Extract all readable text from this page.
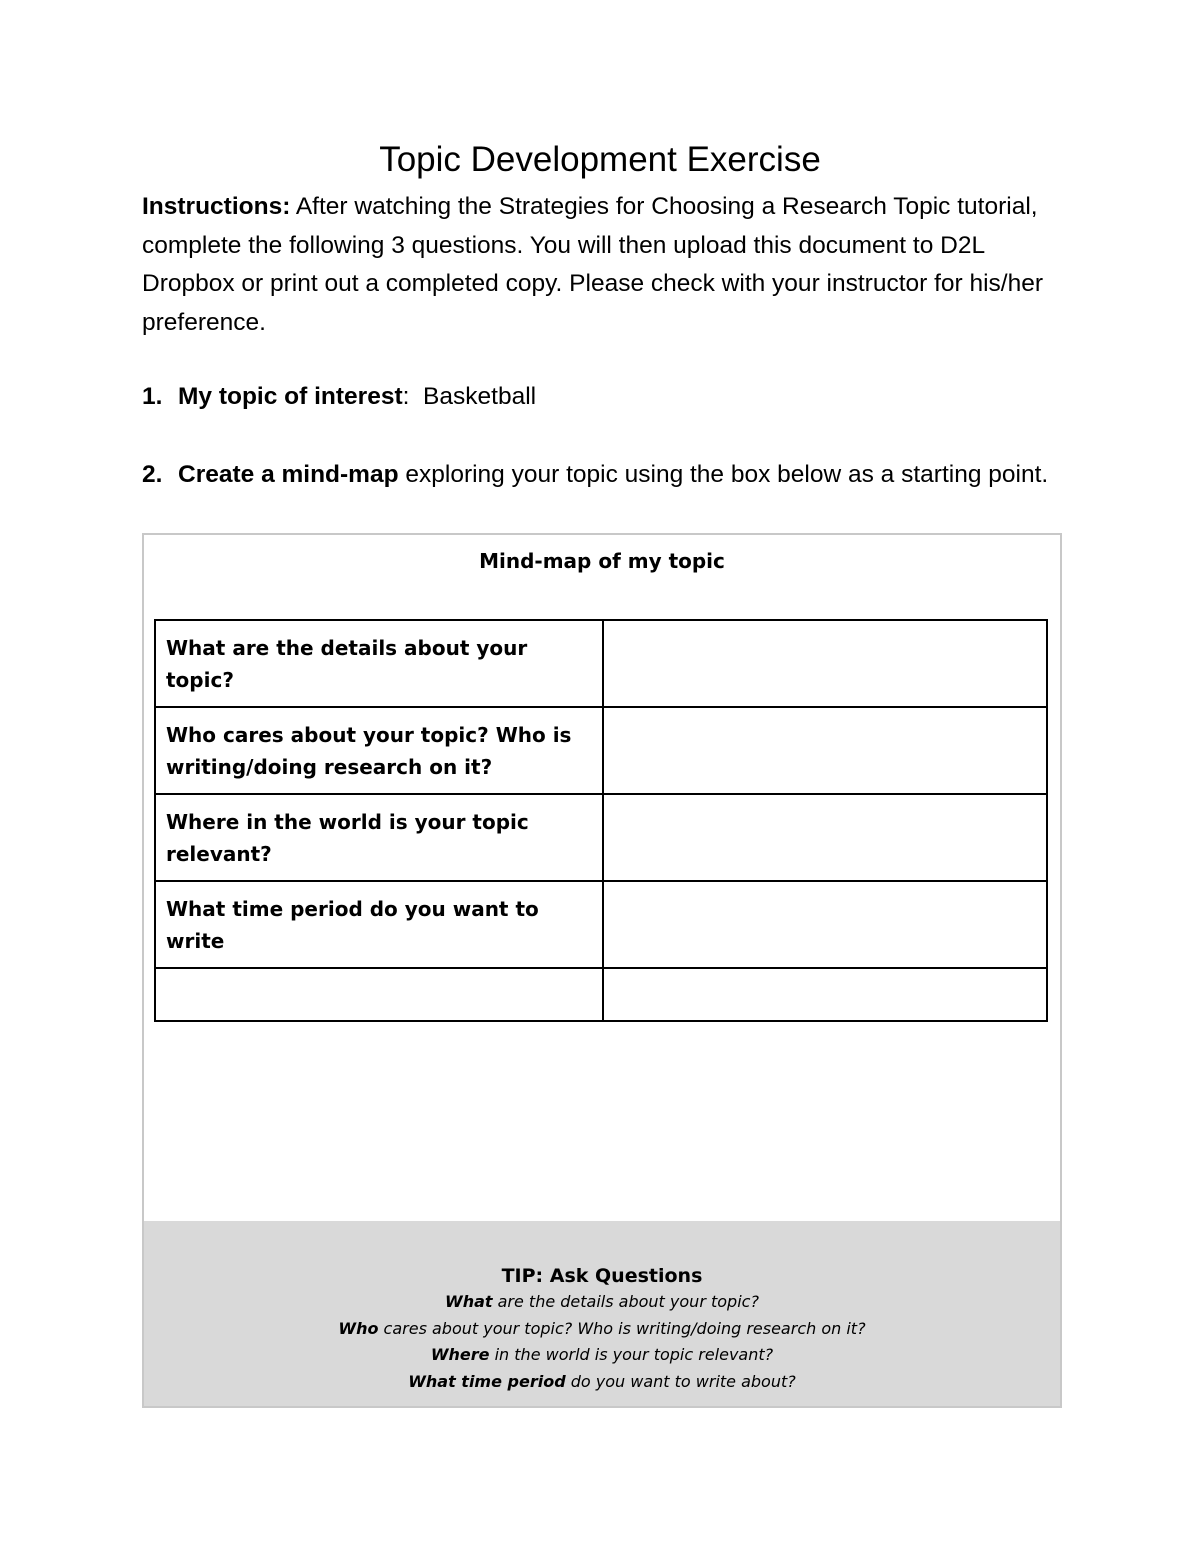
Topic Development Exercise

Instructions: After watching the Strategies for Choosing a Research Topic tutorial, complete the following 3 questions. You will then upload this document to D2L Dropbox or print out a completed copy. Please check with your instructor for his/her preference.

1. My topic of interest: Basketball

2. Create a mind-map exploring your topic using the box below as a starting point.

Mind-map of my topic
What are the details about your topic?	
Who cares about your topic? Who is writing/doing research on it?	
Where in the world is your topic relevant?	
What time period do you want to write	

TIP: Ask Questions
What are the details about your topic?
Who cares about your topic? Who is writing/doing research on it?
Where in the world is your topic relevant?
What time period do you want to write about?
